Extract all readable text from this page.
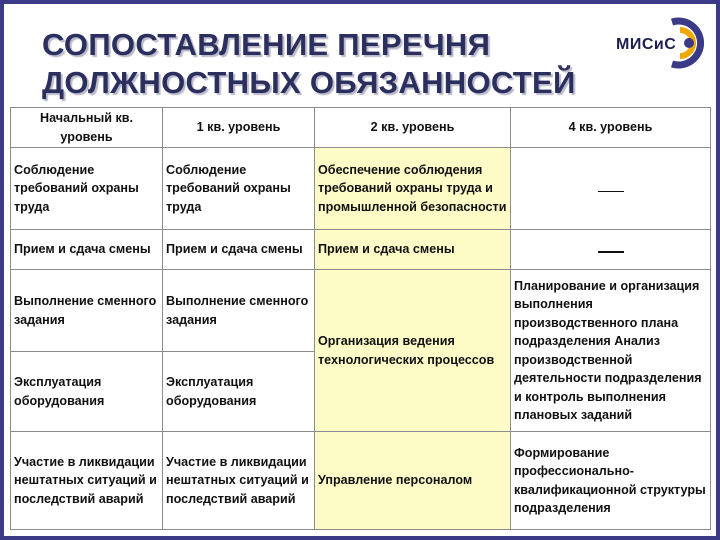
СОПОСТАВЛЕНИЕ ПЕРЕЧНЯ
ДОЛЖНОСТНЫХ ОБЯЗАННОСТЕЙ
МИСиС
Начальный кв. уровень	1 кв. уровень	2 кв. уровень	4 кв. уровень
Соблюдение требований охраны труда	Соблюдение требований охраны труда	Обеспечение соблюдения требований охраны труда и промышленной безопасности	
Прием и сдача смены	Прием и сдача смены	Прием и сдача смены	
Выполнение сменного задания	Выполнение сменного задания	Организация ведения технологических процессов	Планирование и организация выполнения производственного плана подразделения Анализ производственной деятельности подразделения и контроль выполнения плановых заданий
Эксплуатация оборудования	Эксплуатация оборудования		
Участие в ликвидации нештатных ситуаций и последствий аварий	Участие в ликвидации нештатных ситуаций и последствий аварий	Управление персоналом	Формирование профессионально-квалификационной структуры подразделения
